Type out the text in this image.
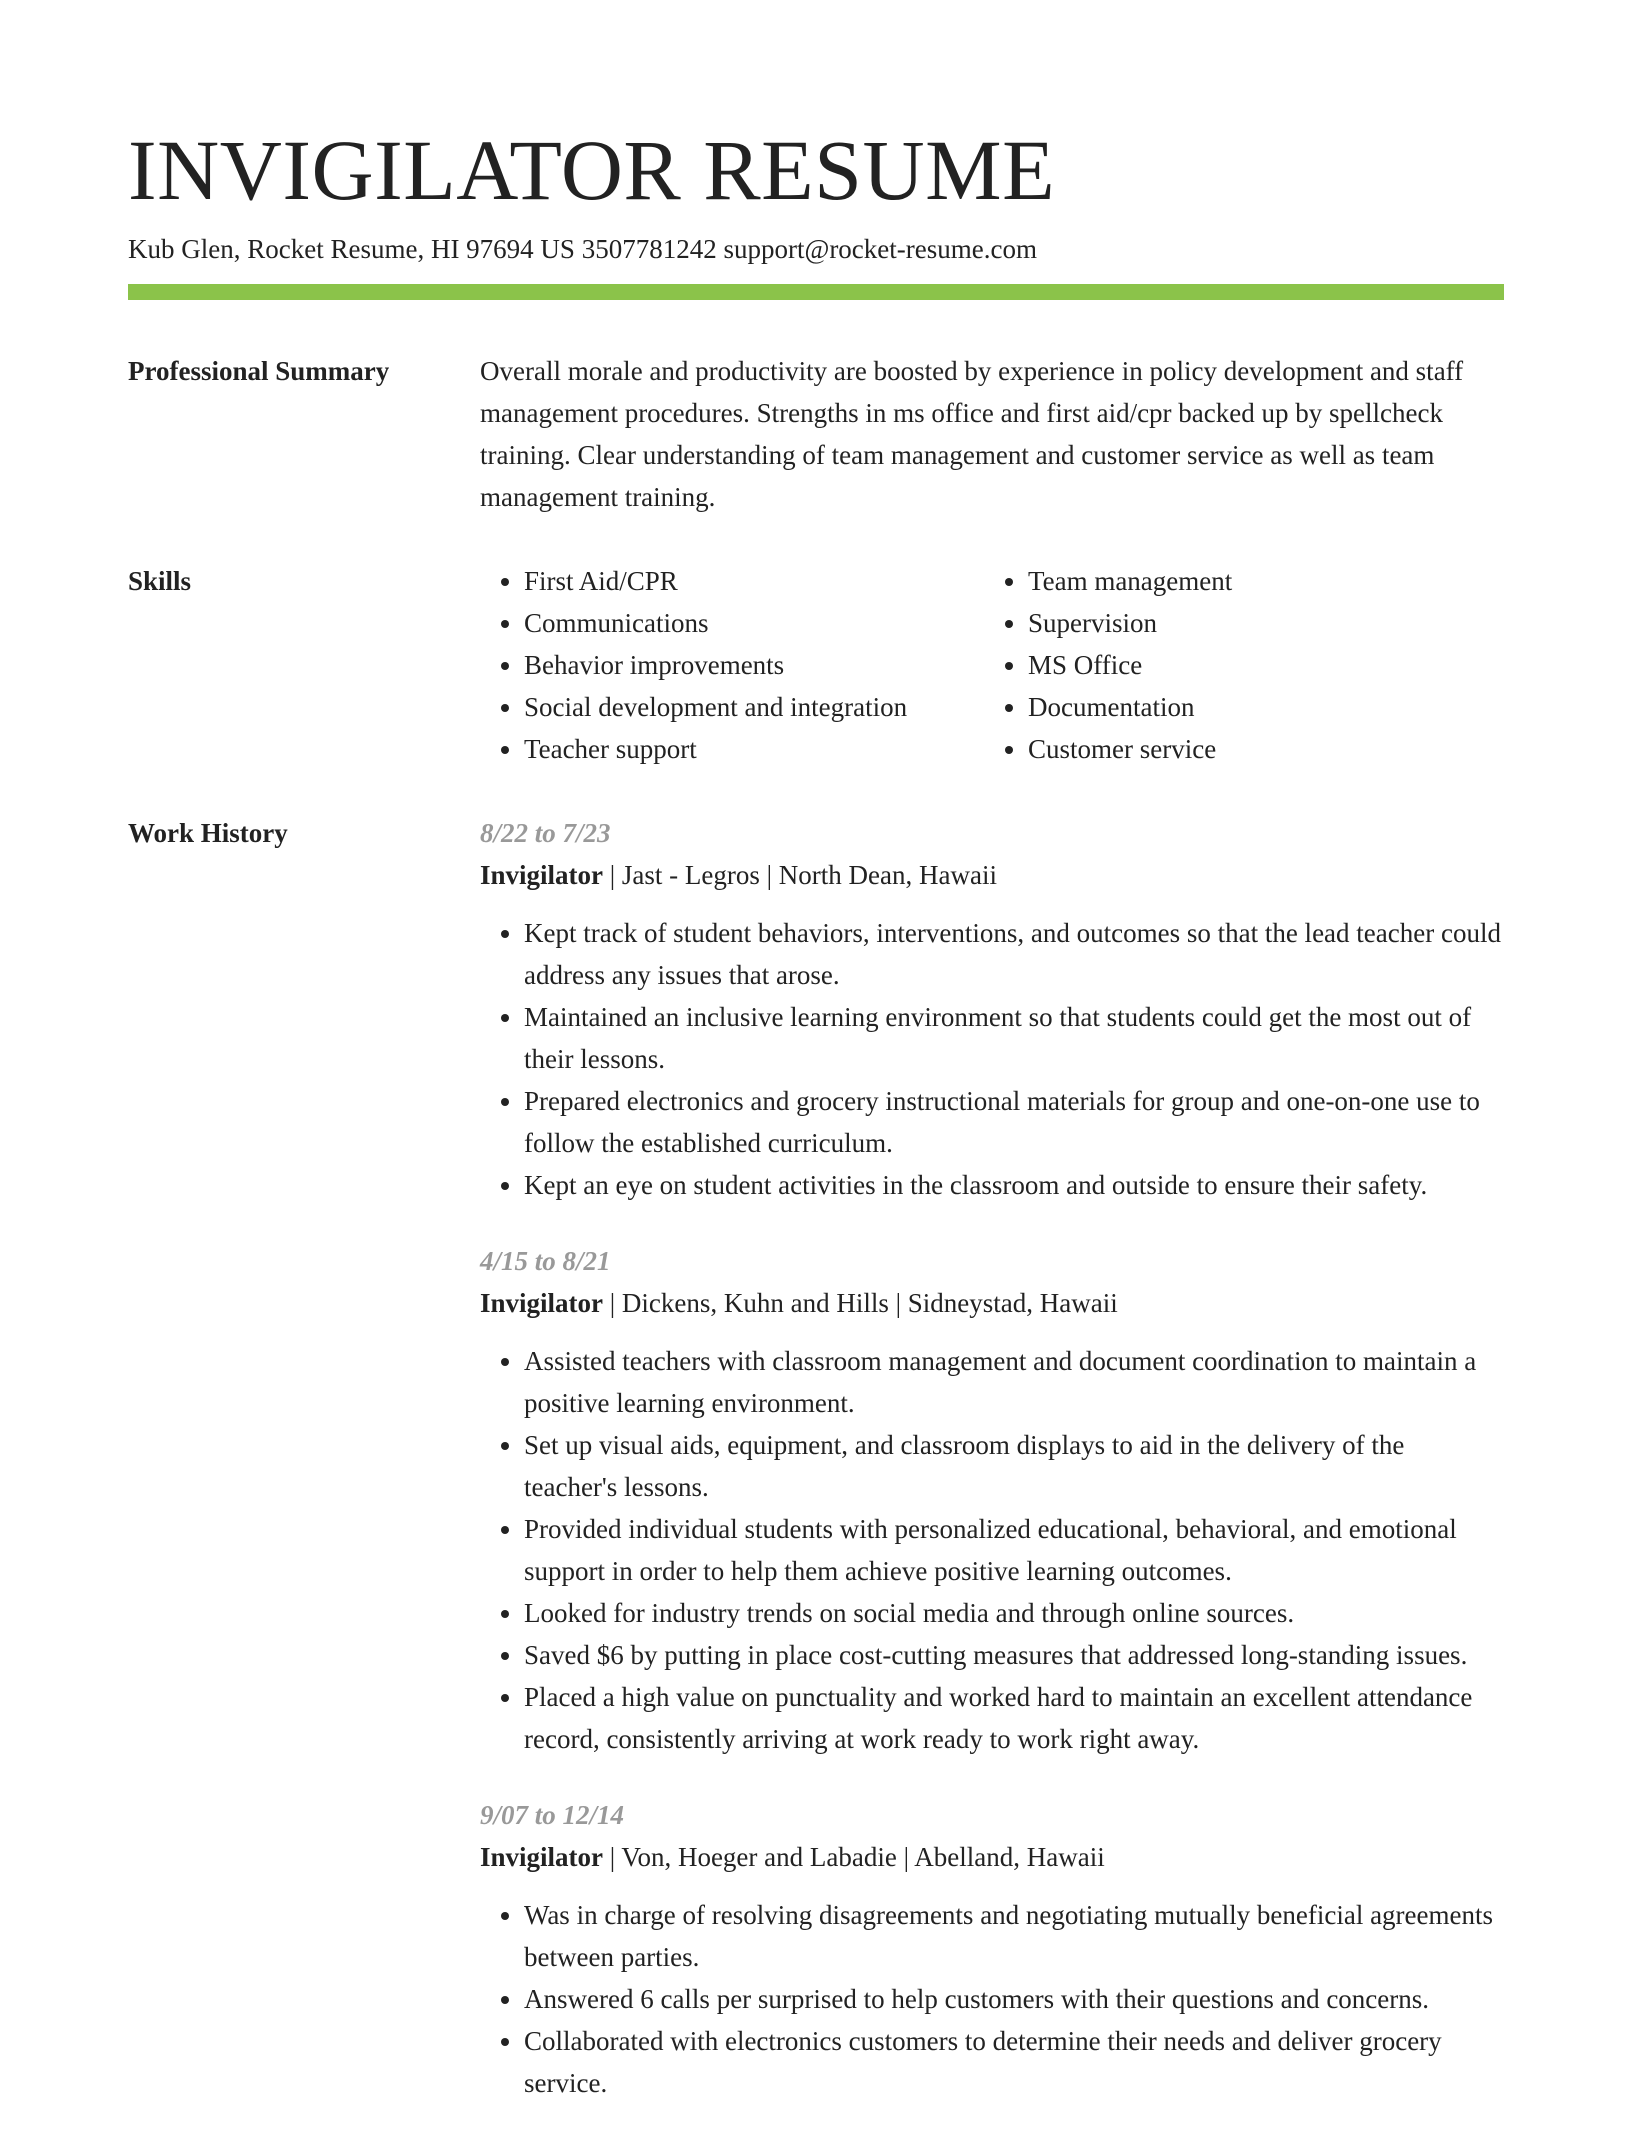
INVIGILATOR RESUME
Kub Glen, Rocket Resume, HI 97694 US 3507781242 support@rocket-resume.com
Professional Summary	Overall morale and productivity are boosted by experience in policy development and staff management procedures. Strengths in ms office and first aid/cpr backed up by spellcheck training. Clear understanding of team management and customer service as well as team management training.

Skills
•	First Aid/CPR
• Communications
• Behavior improvements
• Social development and integration
• Teacher support
• Team management
• Supervision
• MS Office
• Documentation
• Customer service
Work History	8/22 to 7/23
Invigilator | Jast - Legros | North Dean, Hawaii
• Kept track of student behaviors, interventions, and outcomes so that the lead teacher could address any issues that arose.
• Maintained an inclusive learning environment so that students could get the most out of their lessons.
• Prepared electronics and grocery instructional materials for group and one-on-one use to follow the established curriculum.
• Kept an eye on student activities in the classroom and outside to ensure their safety.
4/15 to 8/21
Invigilator | Dickens, Kuhn and Hills | Sidneystad, Hawaii
• Assisted teachers with classroom management and document coordination to maintain a positive learning environment.
• Set up visual aids, equipment, and classroom displays to aid in the delivery of the teacher's lessons.
• Provided individual students with personalized educational, behavioral, and emotional support in order to help them achieve positive learning outcomes.
• Looked for industry trends on social media and through online sources.
• Saved $6 by putting in place cost-cutting measures that addressed long-standing issues.
• Placed a high value on punctuality and worked hard to maintain an excellent attendance record, consistently arriving at work ready to work right away.
9/07 to 12/14
Invigilator | Von, Hoeger and Labadie | Abelland, Hawaii
• Was in charge of resolving disagreements and negotiating mutually beneficial agreements between parties.
• Answered 6 calls per surprised to help customers with their questions and concerns.
• Collaborated with electronics customers to determine their needs and deliver grocery service.
